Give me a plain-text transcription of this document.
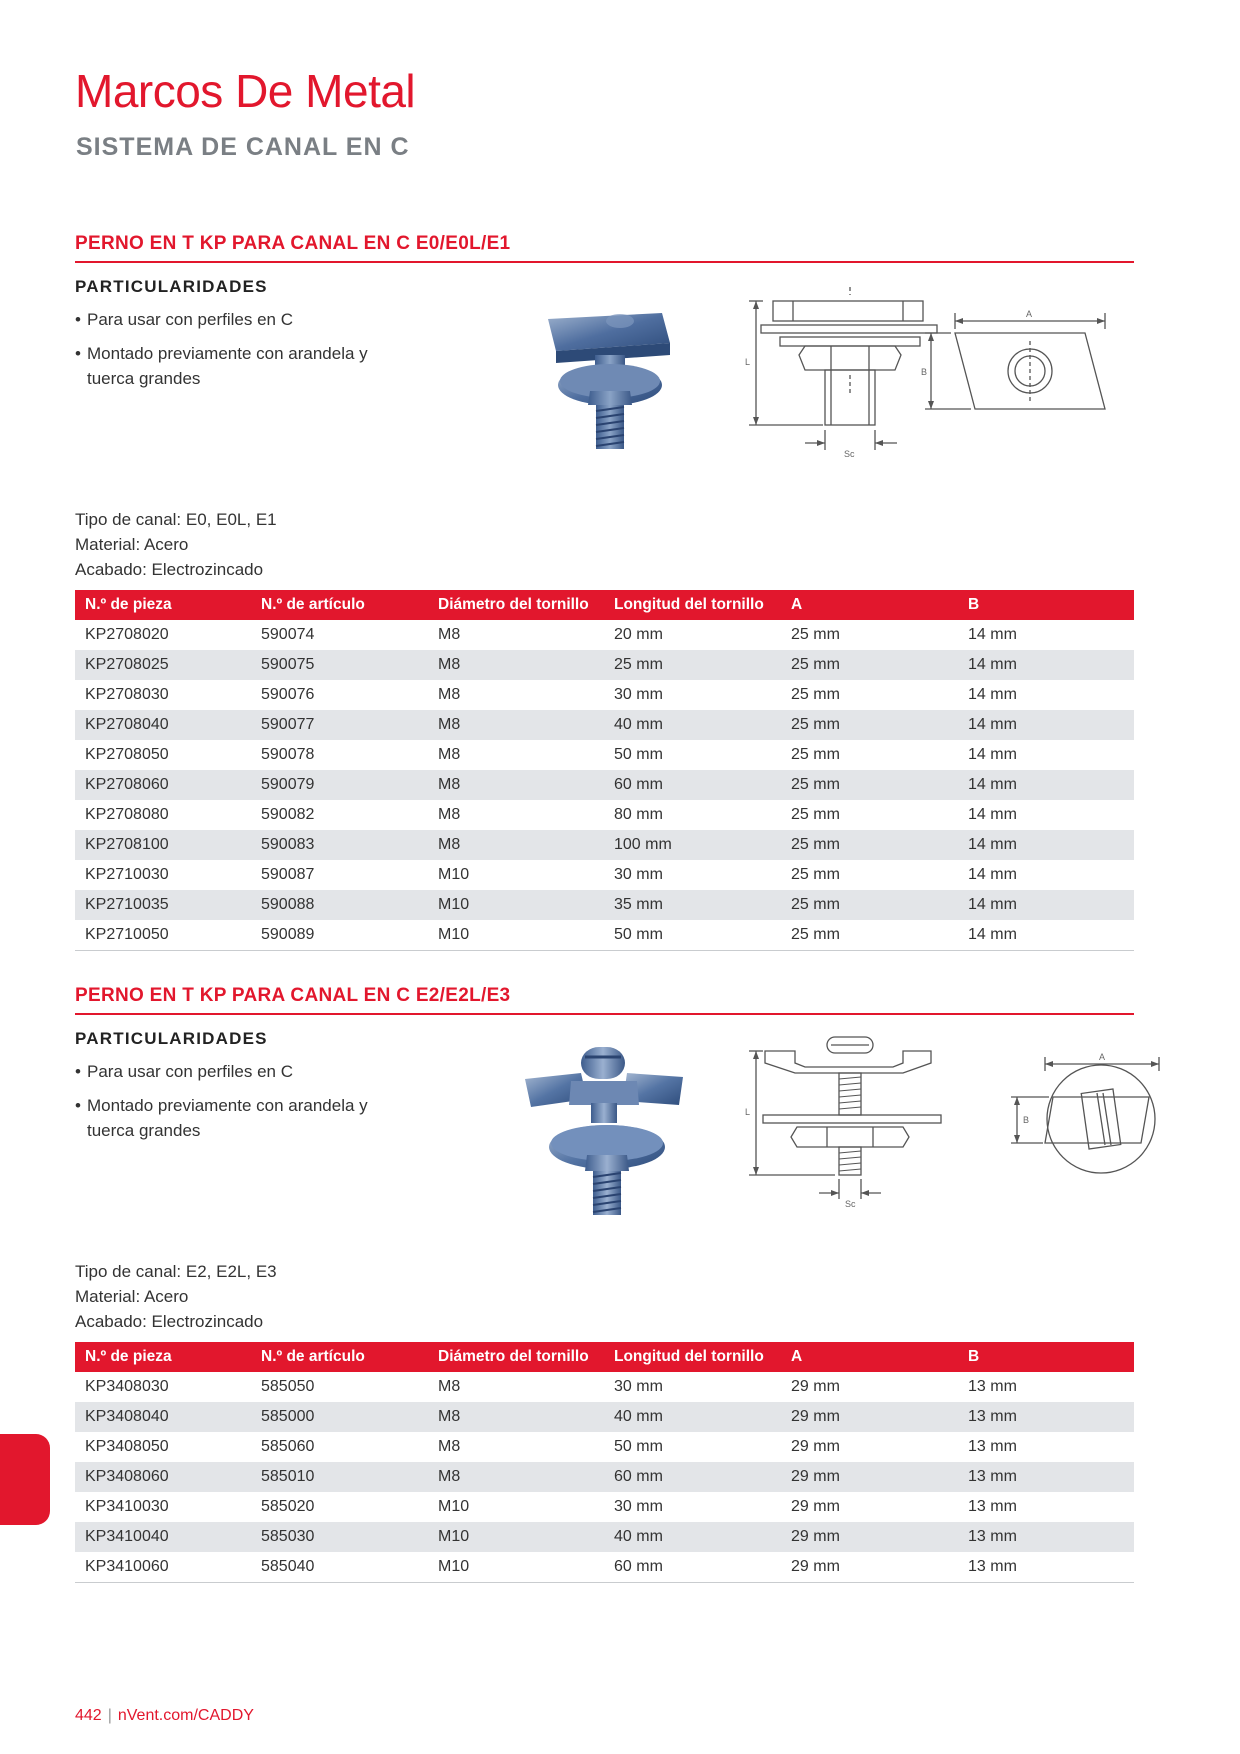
Marcos De Metal
SISTEMA DE CANAL EN C
PERNO EN T KP PARA CANAL EN C E0/E0L/E1
PARTICULARIDADES
• Para usar con perfiles en C
• Montado previamente con arandela y tuerca grandes
L
Sc
A
B
Tipo de canal: E0, E0L, E1
Material: Acero
Acabado: Electrozincado
N.º de pieza	N.º de artículo	Diámetro del tornillo	Longitud del tornillo	A	B
KP2708020	590074	M8	20 mm	25 mm	14 mm
KP2708025	590075	M8	25 mm	25 mm	14 mm
KP2708030	590076	M8	30 mm	25 mm	14 mm
KP2708040	590077	M8	40 mm	25 mm	14 mm
KP2708050	590078	M8	50 mm	25 mm	14 mm
KP2708060	590079	M8	60 mm	25 mm	14 mm
KP2708080	590082	M8	80 mm	25 mm	14 mm
KP2708100	590083	M8	100 mm	25 mm	14 mm
KP2710030	590087	M10	30 mm	25 mm	14 mm
KP2710035	590088	M10	35 mm	25 mm	14 mm
KP2710050	590089	M10	50 mm	25 mm	14 mm
PERNO EN T KP PARA CANAL EN C E2/E2L/E3
PARTICULARIDADES
• Para usar con perfiles en C
• Montado previamente con arandela y tuerca grandes
L
Sc
A
B
Tipo de canal: E2, E2L, E3
Material: Acero
Acabado: Electrozincado
N.º de pieza	N.º de artículo	Diámetro del tornillo	Longitud del tornillo	A	B
KP3408030	585050	M8	30 mm	29 mm	13 mm
KP3408040	585000	M8	40 mm	29 mm	13 mm
KP3408050	585060	M8	50 mm	29 mm	13 mm
KP3408060	585010	M8	60 mm	29 mm	13 mm
KP3410030	585020	M10	30 mm	29 mm	13 mm
KP3410040	585030	M10	40 mm	29 mm	13 mm
KP3410060	585040	M10	60 mm	29 mm	13 mm
442 | nVent.com/CADDY
